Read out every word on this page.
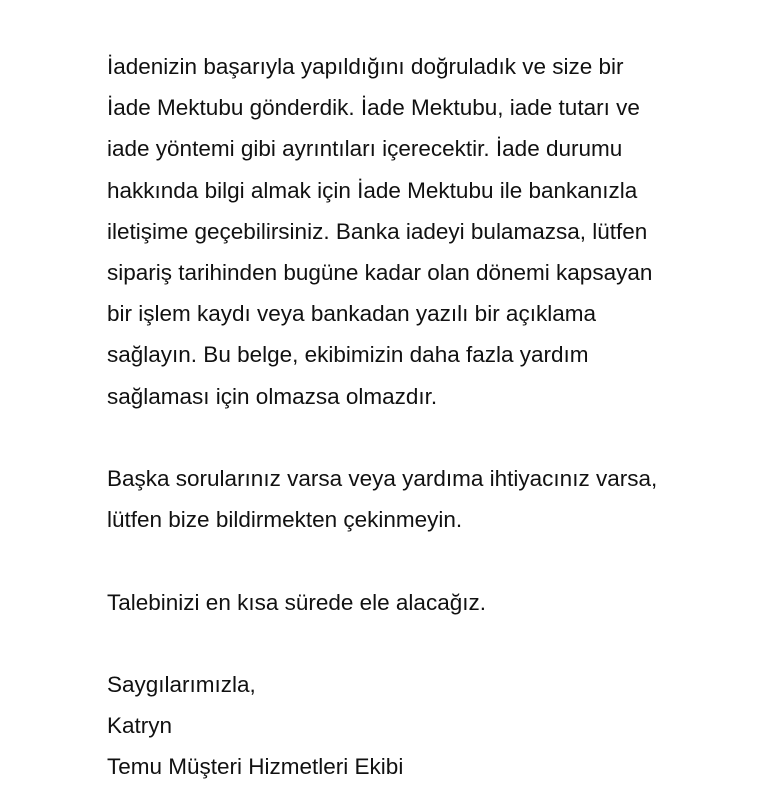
İadenizin başarıyla yapıldığını doğruladık ve size bir
İade Mektubu gönderdik. İade Mektubu, iade tutarı ve
iade yöntemi gibi ayrıntıları içerecektir. İade durumu
hakkında bilgi almak için İade Mektubu ile bankanızla
iletişime geçebilirsiniz. Banka iadeyi bulamazsa, lütfen
sipariş tarihinden bugüne kadar olan dönemi kapsayan
bir işlem kaydı veya bankadan yazılı bir açıklama
sağlayın. Bu belge, ekibimizin daha fazla yardım
sağlaması için olmazsa olmazdır.
Başka sorularınız varsa veya yardıma ihtiyacınız varsa,
lütfen bize bildirmekten çekinmeyin.
Talebinizi en kısa sürede ele alacağız.
Saygılarımızla,
Katryn
Temu Müşteri Hizmetleri Ekibi
